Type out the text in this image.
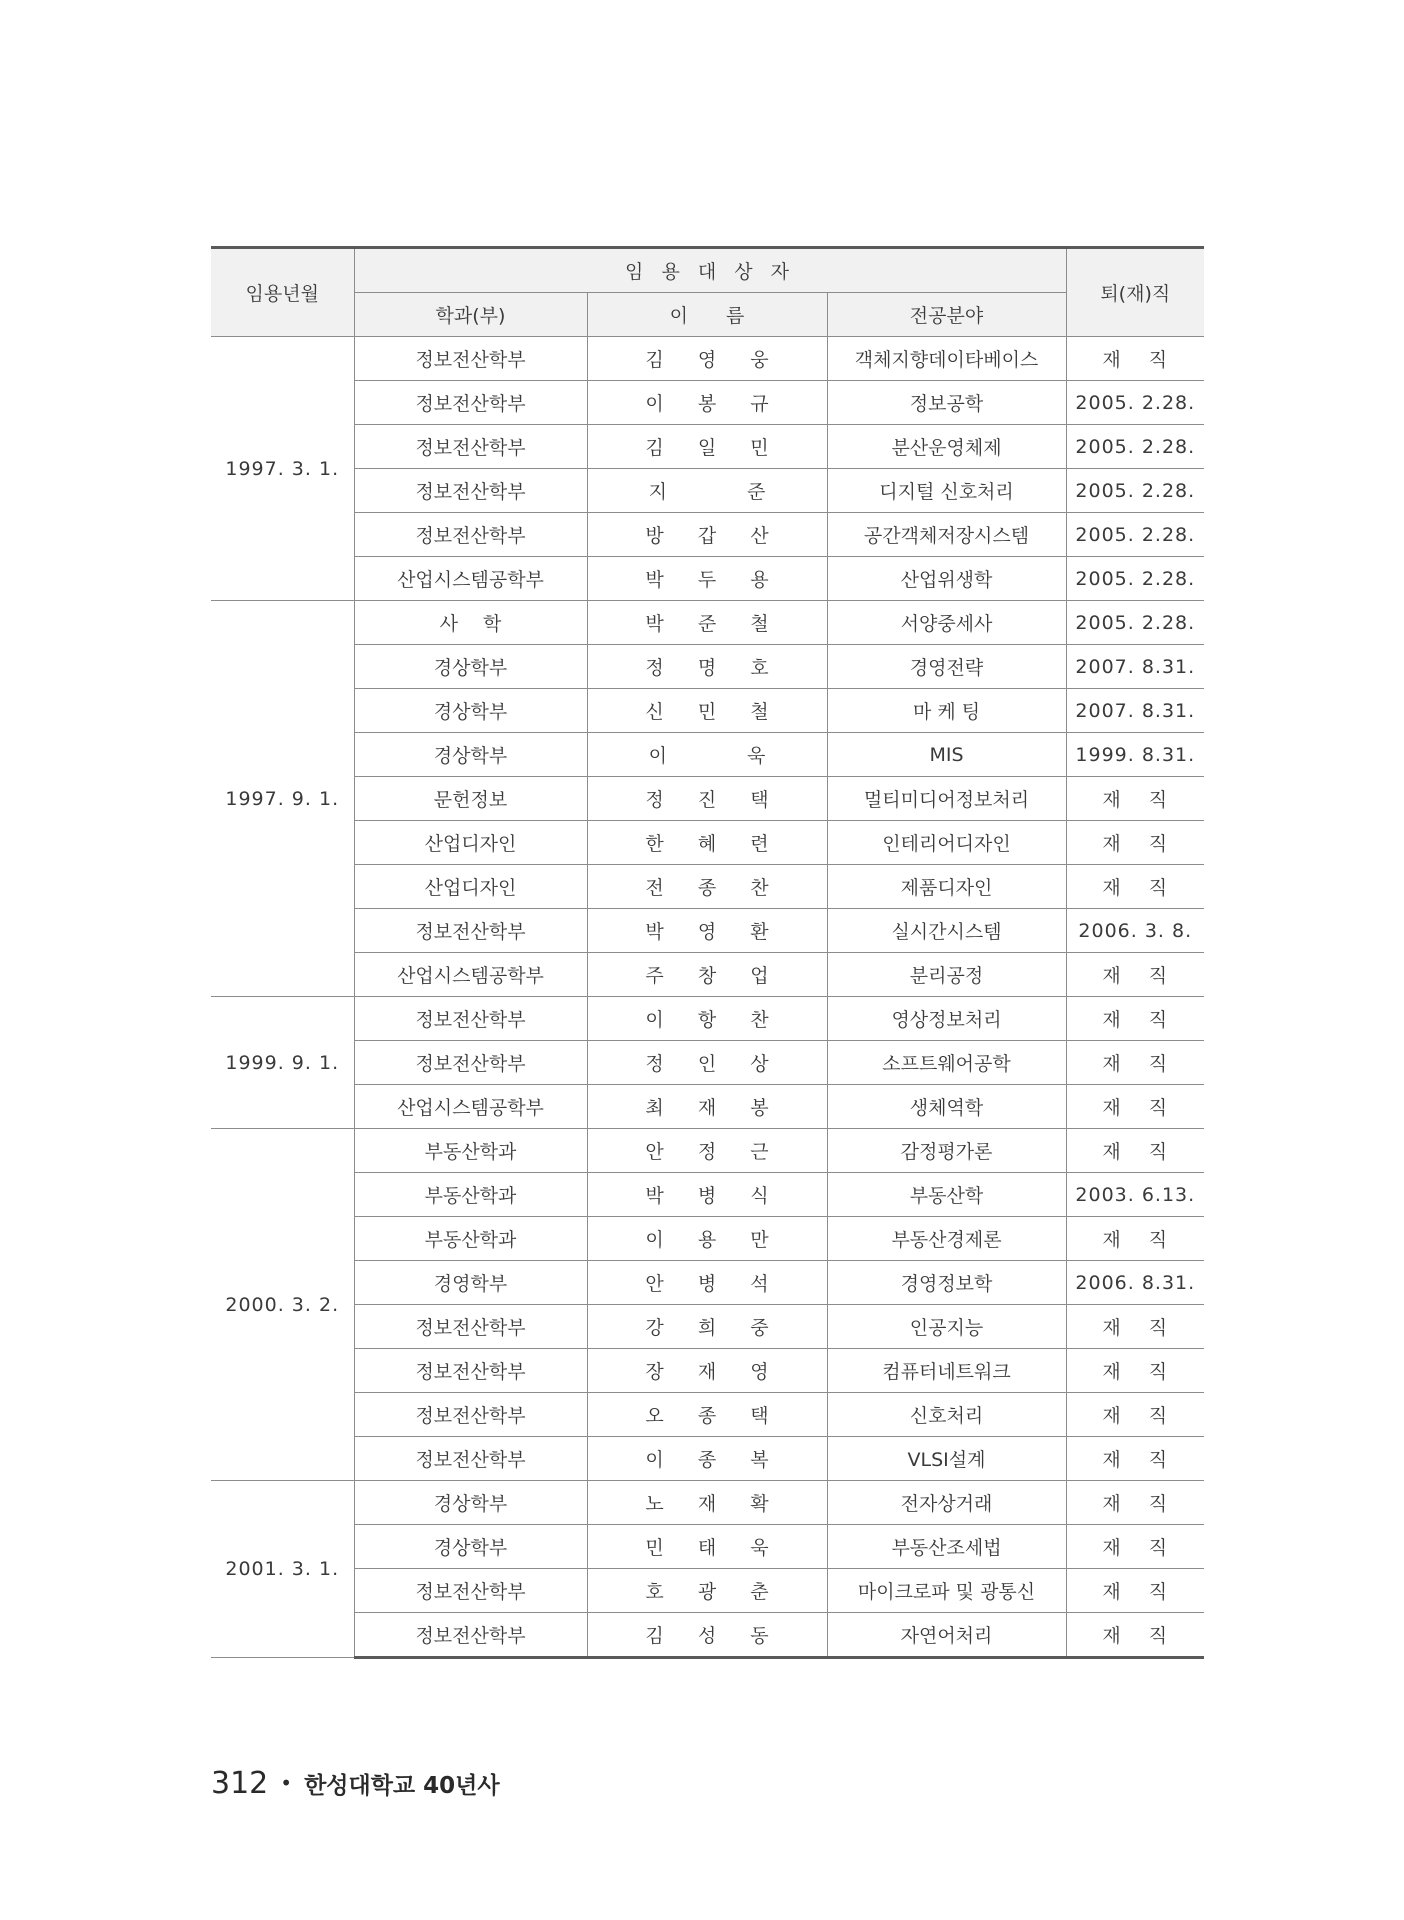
임용년월	임 용 대 상 자			퇴(재)직
	학과(부)	이　　름	전공분야	
1997. 3. 1.	정보전산학부	김 영 웅	객체지향데이타베이스	재　 직
	정보전산학부	이 봉 규	정보공학	2005. 2.28.
	정보전산학부	김 일 민	분산운영체제	2005. 2.28.
	정보전산학부	지　　준	디지털 신호처리	2005. 2.28.
	정보전산학부	방 갑 산	공간객체저장시스템	2005. 2.28.
	산업시스템공학부	박 두 용	산업위생학	2005. 2.28.
1997. 9. 1.	사　 학	박 준 철	서양중세사	2005. 2.28.
	경상학부	정 명 호	경영전략	2007. 8.31.
	경상학부	신 민 철	마 케 팅	2007. 8.31.
	경상학부	이　　욱	MIS	1999. 8.31.
	문헌정보	정 진 택	멀티미디어정보처리	재　 직
	산업디자인	한 혜 련	인테리어디자인	재　 직
	산업디자인	전 종 찬	제품디자인	재　 직
	정보전산학부	박 영 환	실시간시스템	2006. 3. 8.
	산업시스템공학부	주 창 업	분리공정	재　 직
1999. 9. 1.	정보전산학부	이 항 찬	영상정보처리	재　 직
	정보전산학부	정 인 상	소프트웨어공학	재　 직
	산업시스템공학부	최 재 봉	생체역학	재　 직
2000. 3. 2.	부동산학과	안 정 근	감정평가론	재　 직
	부동산학과	박 병 식	부동산학	2003. 6.13.
	부동산학과	이 용 만	부동산경제론	재　 직
	경영학부	안 병 석	경영정보학	2006. 8.31.
	정보전산학부	강 희 중	인공지능	재　 직
	정보전산학부	장 재 영	컴퓨터네트워크	재　 직
	정보전산학부	오 종 택	신호처리	재　 직
	정보전산학부	이 종 복	VLSI설계	재　 직
2001. 3. 1.	경상학부	노 재 확	전자상거래	재　 직
	경상학부	민 태 욱	부동산조세법	재　 직
	정보전산학부	호 광 춘	마이크로파 및 광통신	재　 직
	정보전산학부	김 성 동	자연어처리	재　 직
312 • 한성대학교 40년사
